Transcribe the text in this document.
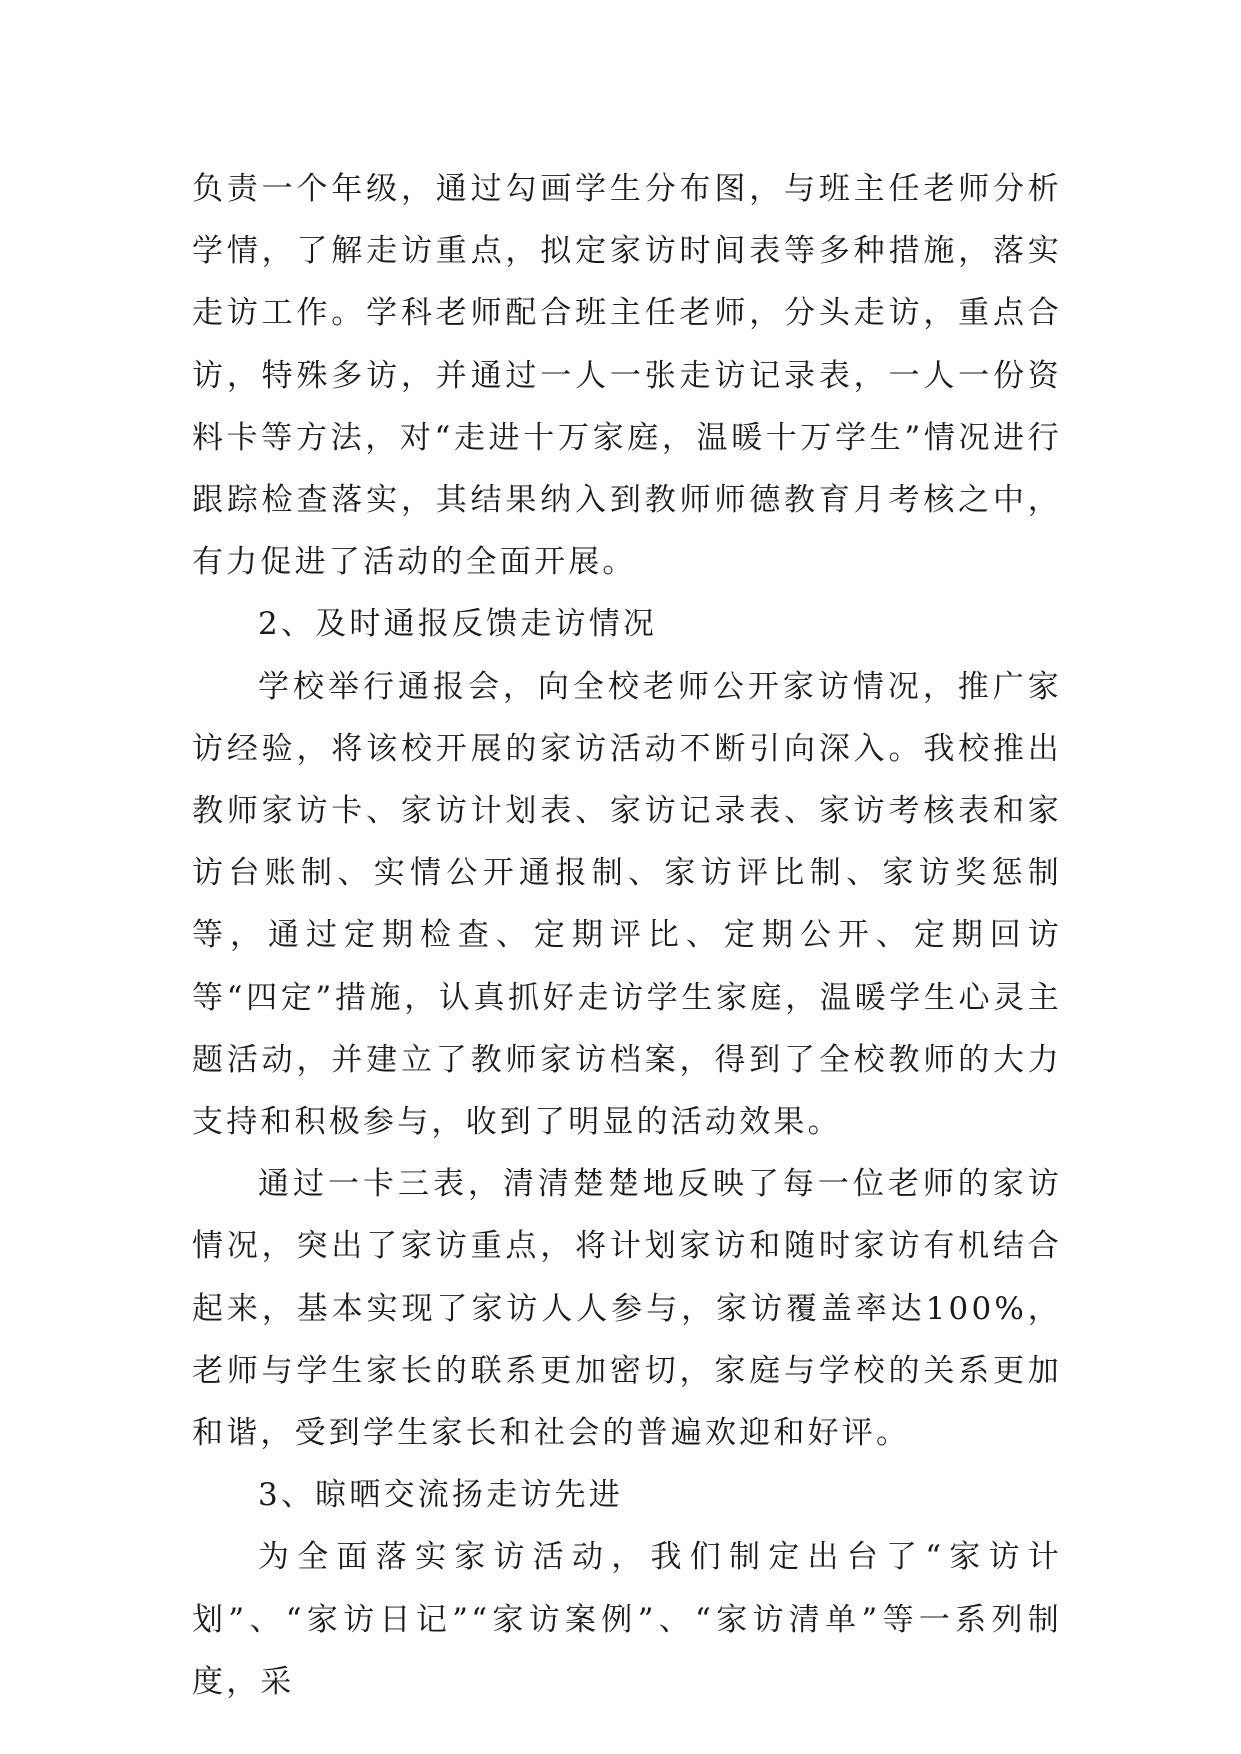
负责一个年级，通过勾画学生分布图，与班主任老师分析学情，了解走访重点，拟定家访时间表等多种措施，落实走访工作。学科老师配合班主任老师，分头走访，重点合访，特殊多访，并通过一人一张走访记录表，一人一份资料卡等方法，对“走进十万家庭，温暖十万学生”情况进行跟踪检查落实，其结果纳入到教师师德教育月考核之中，有力促进了活动的全面开展。

2、及时通报反馈走访情况

学校举行通报会，向全校老师公开家访情况，推广家访经验，将该校开展的家访活动不断引向深入。我校推出教师家访卡、家访计划表、家访记录表、家访考核表和家访台账制、实情公开通报制、家访评比制、家访奖惩制等，通过定期检查、定期评比、定期公开、定期回访等“四定”措施，认真抓好走访学生家庭，温暖学生心灵主题活动，并建立了教师家访档案，得到了全校教师的大力支持和积极参与，收到了明显的活动效果。

通过一卡三表，清清楚楚地反映了每一位老师的家访情况，突出了家访重点，将计划家访和随时家访有机结合起来，基本实现了家访人人参与，家访覆盖率达100%，老师与学生家长的联系更加密切，家庭与学校的关系更加和谐，受到学生家长和社会的普遍欢迎和好评。

3、晾晒交流扬走访先进

为全面落实家访活动，我们制定出台了“家访计划”、“家访日记”“家访案例”、“家访清单”等一系列制度，采
